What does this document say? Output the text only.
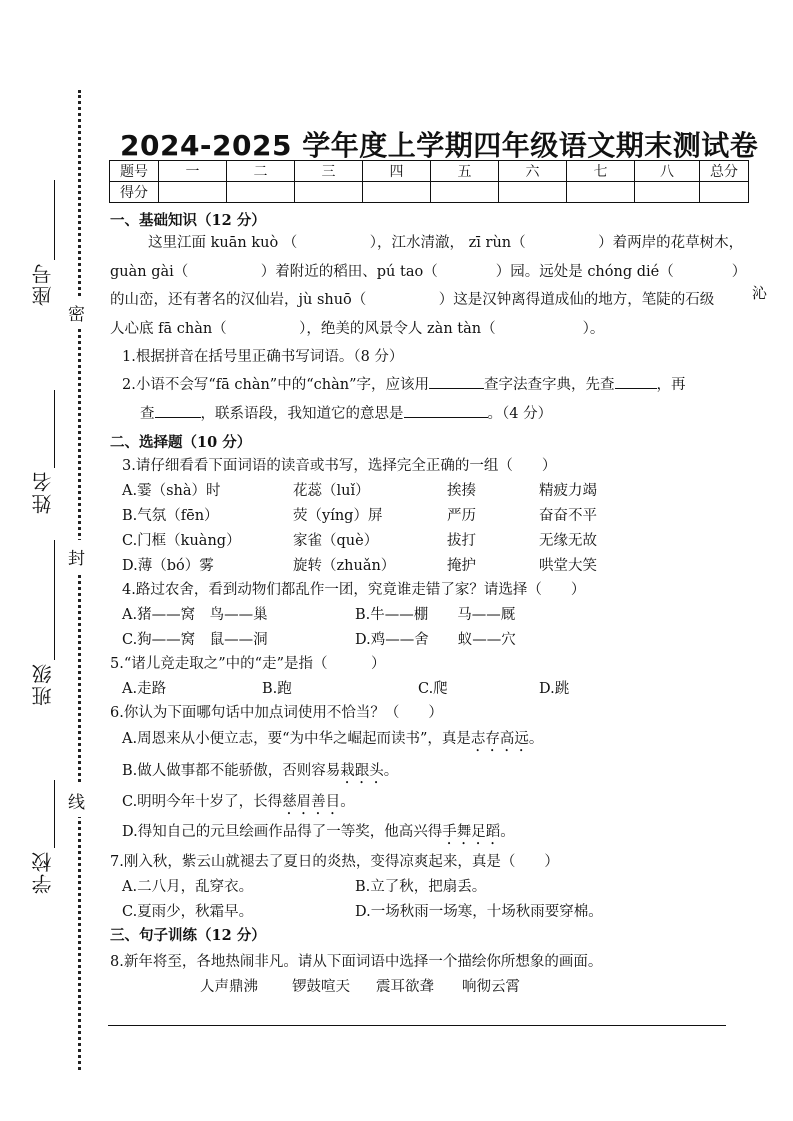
座号
姓名
班级
学校
密
封
线
沁
2024-2025 学年度上学期四年级语文期末测试卷
题号	一	二	三	四	五	六	七	八	总分
得分									
一、基础知识（12 分）
这里江面 kuān kuò （　　　　　），江水清澈， zī rùn（　　　　　）着两岸的花草树木，
guàn gài（　　　　　）着附近的稻田、pú tao（　　　　）园。远处是 chóng dié（　　　　）
的山峦，还有著名的汉仙岩，jù shuō（　　　　　）这是汉钟离得道成仙的地方，笔陡的石级
人心底 fā chàn（　　　　　），绝美的风景令人 zàn tàn（　　　　　　）。
1.根据拼音在括号里正确书写词语。（8 分）
2.小语不会写“fā chàn”中的“chàn”字，应该用	查字法查字典，先查	，再
查	，联系语段，我知道它的意思是	。（4 分）
二、选择题（10 分）
3.请仔细看看下面词语的读音或书写，选择完全正确的一组（　　）
A.霎（shà）时	花蕊（luǐ）	挨揍	精疲力竭
B.气氛（fēn）	荧（yíng）屏	严历	奋奋不平
C.门框（kuàng）	家雀（què）	拔打	无缘无故
D.薄（bó）雾	旋转（zhuǎn）	掩护	哄堂大笑
4.路过农舍，看到动物们都乱作一团，究竟谁走错了家？请选择（　　）
A.猪——窝　鸟——巢	B.牛——棚　　马——厩
C.狗——窝　鼠——洞	D.鸡——舍　　蚁——穴
5.“诸儿竞走取之”中的“走”是指（　　　）
A.走路	B.跑	C.爬	D.跳
6.你认为下面哪句话中加点词使用不恰当？（　　）
A.周恩来从小便立志，要“为中华之崛起而读书”，真是志存高远。
B.做人做事都不能骄傲，否则容易栽跟头。
C.明明今年十岁了，长得慈眉善目。
D.得知自己的元旦绘画作品得了一等奖，他高兴得手舞足蹈。
7.刚入秋，紫云山就褪去了夏日的炎热，变得凉爽起来，真是（　　）
A.二八月，乱穿衣。	B.立了秋，把扇丢。
C.夏雨少，秋霜早。	D.一场秋雨一场寒，十场秋雨要穿棉。
三、句子训练（12 分）
8.新年将至，各地热闹非凡。请从下面词语中选择一个描绘你所想象的画面。
人声鼎沸 锣鼓喧天 震耳欲聋 响彻云霄
